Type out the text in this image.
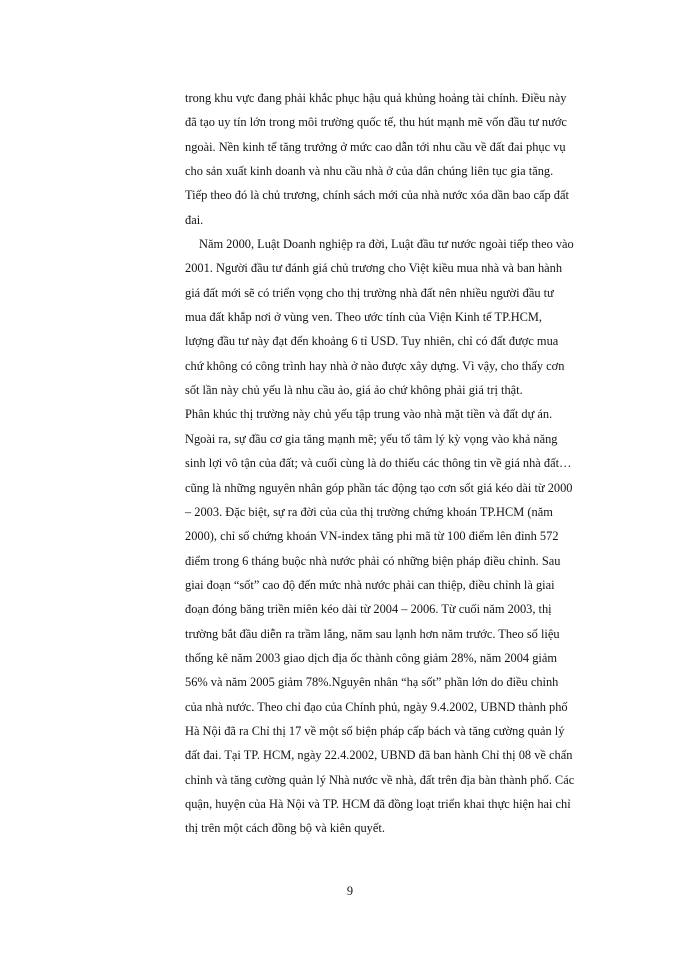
trong khu vực đang phải khắc phục hậu quả khủng hoảng tài chính. Điều này
đã tạo uy tín lớn trong môi trường quốc tế, thu hút mạnh mẽ vốn đầu tư nước
ngoài. Nền kinh tế tăng trưởng ở mức cao dẫn tới nhu cầu về đất đai phục vụ
cho sản xuất kinh doanh và nhu cầu nhà ở của dân chúng liên tục gia tăng.
Tiếp theo đó là chủ trương, chính sách mới của nhà nước xóa dần bao cấp đất
đai.
Năm 2000, Luật Doanh nghiệp ra đời, Luật đầu tư nước ngoài tiếp theo vào
2001. Người đầu tư đánh giá chủ trương cho Việt kiều mua nhà và ban hành
giá đất mới sẽ có triển vọng cho thị trường nhà đất nên nhiều người đầu tư
mua đất khắp nơi ở vùng ven. Theo ước tính của Viện Kinh tế TP.HCM,
lượng đầu tư này đạt đến khoảng 6 tỉ USD. Tuy nhiên, chỉ có đất được mua
chứ không có công trình hay nhà ở nào được xây dựng. Vì vậy, cho thấy cơn
sốt lần này chủ yếu là nhu cầu ảo, giá ảo chứ không phải giá trị thật.
Phân khúc thị trường này chủ yếu tập trung vào nhà mặt tiền và đất dự án.
Ngoài ra, sự đầu cơ gia tăng mạnh mẽ; yếu tố tâm lý kỳ vọng vào khả năng
sinh lợi vô tận của đất; và cuối cùng là do thiếu các thông tin về giá nhà đất…
cũng là những nguyên nhân góp phần tác động tạo cơn sốt giá kéo dài từ 2000
– 2003. Đặc biệt, sự ra đời của của thị trường chứng khoán TP.HCM (năm
2000), chỉ số chứng khoán VN-index tăng phi mã từ 100 điểm lên đỉnh 572
điểm trong 6 tháng buộc nhà nước phải có những biện pháp điều chỉnh. Sau
giai đoạn “sốt” cao độ đến mức nhà nước phải can thiệp, điều chỉnh là giai
đoạn đóng băng triền miên kéo dài từ 2004 – 2006. Từ cuối năm 2003, thị
trường bắt đầu diễn ra trầm lắng, năm sau lạnh hơn năm trước. Theo số liệu
thống kê năm 2003 giao dịch địa ốc thành công giảm 28%, năm 2004 giảm
56% và năm 2005 giảm 78%.Nguyên nhân “hạ sốt” phần lớn do điều chỉnh
của nhà nước. Theo chỉ đạo của Chính phủ, ngày 9.4.2002, UBND thành phố
Hà Nội đã ra Chỉ thị 17 về một số biện pháp cấp bách và tăng cường quản lý
đất đai. Tại TP. HCM, ngày 22.4.2002, UBND đã ban hành Chỉ thị 08 về chấn
chỉnh và tăng cường quản lý Nhà nước về nhà, đất trên địa bàn thành phố. Các
quận, huyện của Hà Nội và TP. HCM đã đồng loạt triển khai thực hiện hai chỉ
thị trên một cách đồng bộ và kiên quyết.
9
